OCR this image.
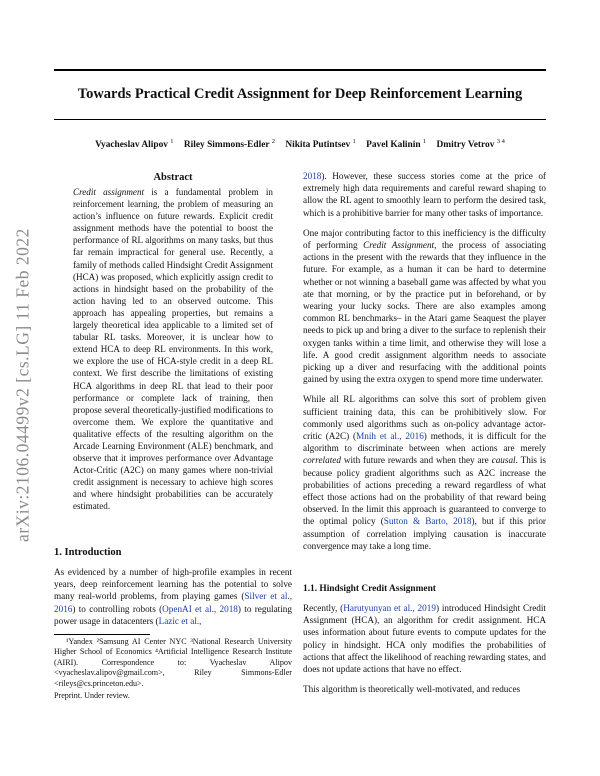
Towards Practical Credit Assignment for Deep Reinforcement Learning
Vyacheslav Alipov $^1$ Riley Simmons-Edler $^2$ Nikita Putintsev $^1$ Pavel Kalinin $^1$ Dmitry Vetrov $^{3 4}$
arXiv:2106.04499v2 [cs.LG] 11 Feb 2022
Abstract
Credit assignment is a fundamental problem in reinforcement learning, the problem of measuring an action’s influence on future rewards. Explicit credit assignment methods have the potential to boost the performance of RL algorithms on many tasks, but thus far remain impractical for general use. Recently, a family of methods called Hindsight Credit Assignment (HCA) was proposed, which explicitly assign credit to actions in hindsight based on the probability of the action having led to an observed outcome. This approach has appealing properties, but remains a largely theoretical idea applicable to a limited set of tabular RL tasks. Moreover, it is unclear how to extend HCA to deep RL environments. In this work, we explore the use of HCA-style credit in a deep RL context. We first describe the limitations of existing HCA algorithms in deep RL that lead to their poor performance or complete lack of training, then propose several theoretically-justified modifications to overcome them. We explore the quantitative and qualitative effects of the resulting algorithm on the Arcade Learning Environment (ALE) benchmark, and observe that it improves performance over Advantage Actor-Critic (A2C) on many games where non-trivial credit assignment is necessary to achieve high scores and where hindsight probabilities can be accurately estimated.
1. Introduction

As evidenced by a number of high-profile examples in recent years, deep reinforcement learning has the potential to solve many real-world problems, from playing games (Silver et al., 2016) to controlling robots (OpenAI et al., 2018) to regulating power usage in datacenters (Lazic et al.,

¹Yandex ²Samsung AI Center NYC ³National Research University Higher School of Economics ⁴Artificial Intelligence Research Institute (AIRI). Correspondence to: Vyacheslav Alipov <vyacheslav.alipov@gmail.com>, Riley Simmons-Edler <rileys@cs.princeton.edu>.
Preprint. Under review.

2018). However, these success stories come at the price of extremely high data requirements and careful reward shaping to allow the RL agent to smoothly learn to perform the desired task, which is a prohibitive barrier for many other tasks of importance.

One major contributing factor to this inefficiency is the difficulty of performing Credit Assignment, the process of associating actions in the present with the rewards that they influence in the future. For example, as a human it can be hard to determine whether or not winning a baseball game was affected by what you ate that morning, or by the practice put in beforehand, or by wearing your lucky socks. There are also examples among common RL benchmarks– in the Atari game Seaquest the player needs to pick up and bring a diver to the surface to replenish their oxygen tanks within a time limit, and otherwise they will lose a life. A good credit assignment algorithm needs to associate picking up a diver and resurfacing with the additional points gained by using the extra oxygen to spend more time underwater.

While all RL algorithms can solve this sort of problem given sufficient training data, this can be prohibitively slow. For commonly used algorithms such as on-policy advantage actor-critic (A2C) (Mnih et al., 2016) methods, it is difficult for the algorithm to discriminate between when actions are merely correlated with future rewards and when they are causal. This is because policy gradient algorithms such as A2C increase the probabilities of actions preceding a reward regardless of what effect those actions had on the probability of that reward being observed. In the limit this approach is guaranteed to converge to the optimal policy (Sutton & Barto, 2018), but if this prior assumption of correlation implying causation is inaccurate convergence may take a long time.

1.1. Hindsight Credit Assignment

Recently, (Harutyunyan et al., 2019) introduced Hindsight Credit Assignment (HCA), an algorithm for credit assignment. HCA uses information about future events to compute updates for the policy in hindsight. HCA only modifies the probabilities of actions that affect the likelihood of reaching rewarding states, and does not update actions that have no effect.

This algorithm is theoretically well-motivated, and reduces
